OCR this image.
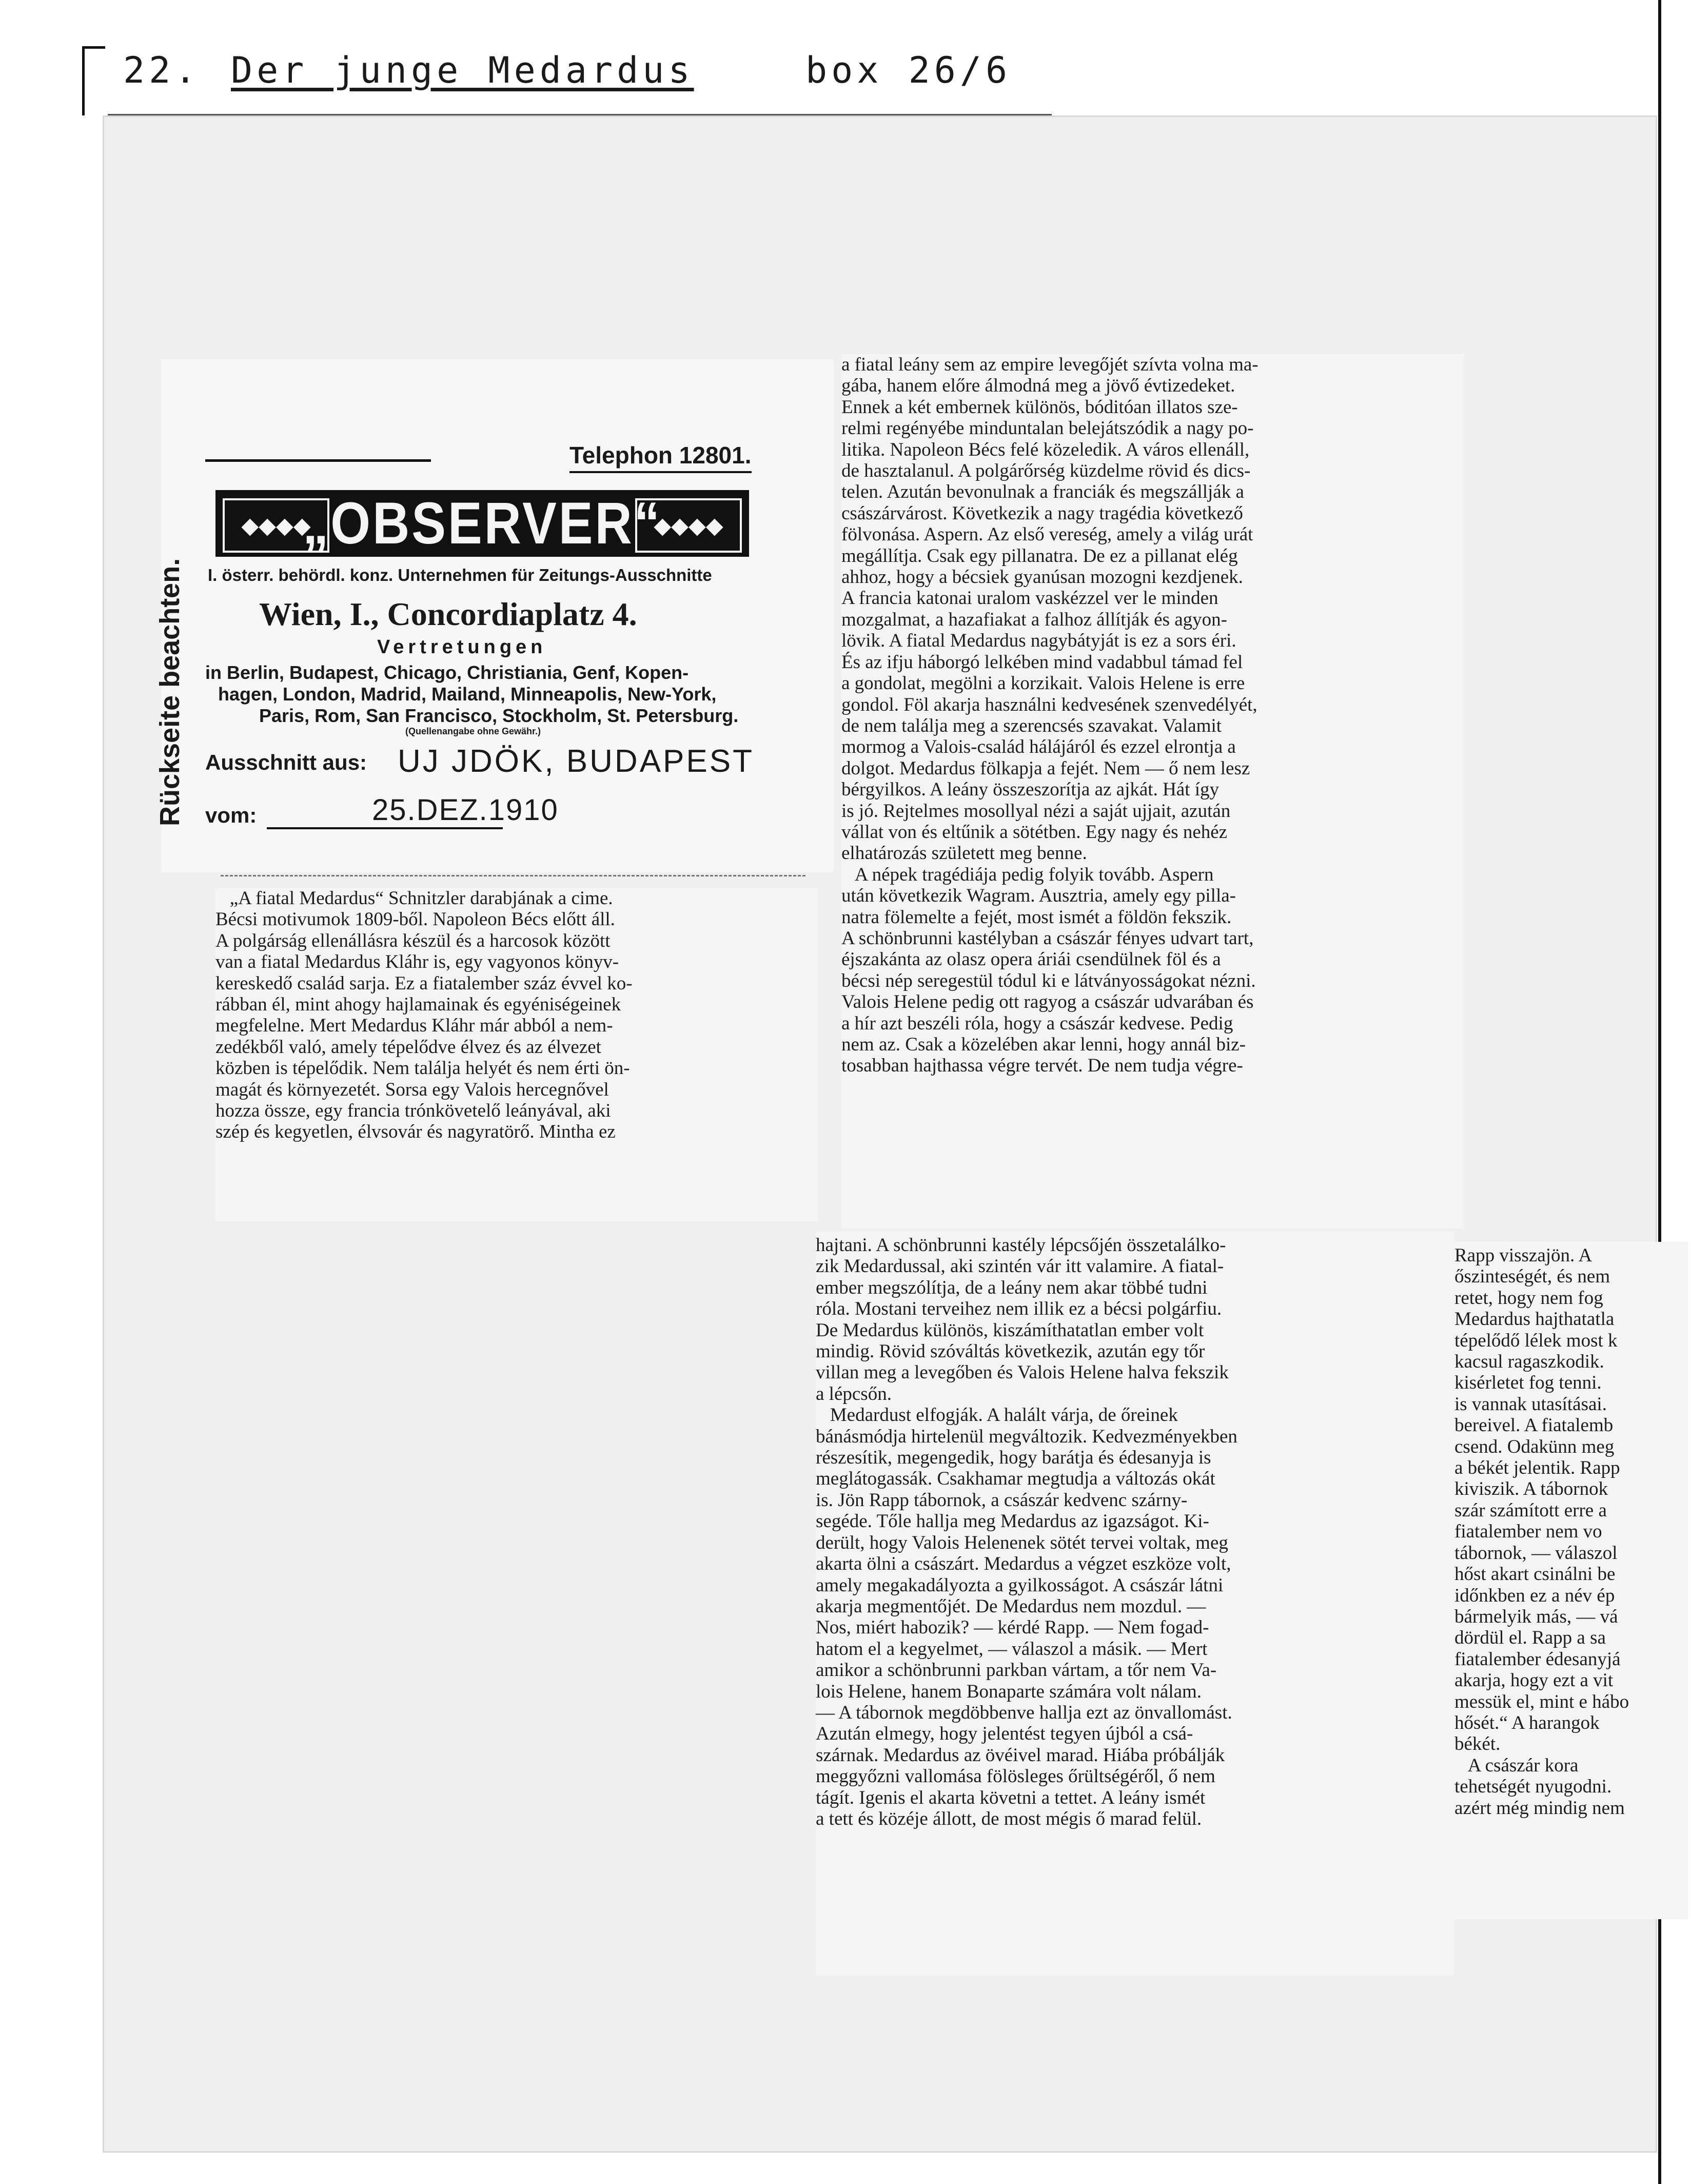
22. Der junge Medardus	box 26/6
Telephon 12801.
◆◆◆◆
„OBSERVER“
◆◆◆◆
I. österr. behördl. konz. Unternehmen für Zeitungs-Ausschnitte
Wien, I., Concordiaplatz 4.
Vertretungen
in Berlin, Budapest, Chicago, Christiania, Genf, Kopen-
hagen, London, Madrid, Mailand, Minneapolis, New-York,
Paris, Rom, San Francisco, Stockholm, St. Petersburg.
(Quellenangabe ohne Gewähr.)
Ausschnitt aus: UJ JDÖK, BUDAPEST
vom:	25.DEZ.1910
Rückseite beachten.
„A fiatal Medardus“ Schnitzler darabjának a cime.
Bécsi motivumok 1809-ből. Napoleon Bécs előtt áll.
A polgárság ellenállásra készül és a harcosok között
van a fiatal Medardus Kláhr is, egy vagyonos könyv-
kereskedő család sarja. Ez a fiatalember száz évvel ko-
rábban él, mint ahogy hajlamainak és egyéniségeinek
megfelelne. Mert Medardus Kláhr már abból a nem-
zedékből való, amely tépelődve élvez és az élvezet
közben is tépelődik. Nem találja helyét és nem érti ön-
magát és környezetét. Sorsa egy Valois hercegnővel
hozza össze, egy francia trónkövetelő leányával, aki
szép és kegyetlen, élvsovár és nagyratörő. Mintha ez
a fiatal leány sem az empire levegőjét szívta volna ma-
gába, hanem előre álmodná meg a jövő évtizedeket.
Ennek a két embernek különös, bóditóan illatos sze-
relmi regényébe minduntalan belejátszódik a nagy po-
litika. Napoleon Bécs felé közeledik. A város ellenáll,
de hasztalanul. A polgárőrség küzdelme rövid és dics-
telen. Azután bevonulnak a franciák és megszállják a
császárvárost. Következik a nagy tragédia következő
fölvonása. Aspern. Az első vereség, amely a világ urát
megállítja. Csak egy pillanatra. De ez a pillanat elég
ahhoz, hogy a bécsiek gyanúsan mozogni kezdjenek.
A francia katonai uralom vaskézzel ver le minden
mozgalmat, a hazafiakat a falhoz állítják és agyon-
lövik. A fiatal Medardus nagybátyját is ez a sors éri.
És az ifju háborgó lelkében mind vadabbul támad fel
a gondolat, megölni a korzikait. Valois Helene is erre
gondol. Föl akarja használni kedvesének szenvedélyét,
de nem találja meg a szerencsés szavakat. Valamit
mormog a Valois-család hálájáról és ezzel elrontja a
dolgot. Medardus fölkapja a fejét. Nem — ő nem lesz
bérgyilkos. A leány összeszorítja az ajkát. Hát így
is jó. Rejtelmes mosollyal nézi a saját ujjait, azután
vállat von és eltűnik a sötétben. Egy nagy és nehéz
elhatározás született meg benne.
A népek tragédiája pedig folyik tovább. Aspern
után következik Wagram. Ausztria, amely egy pilla-
natra fölemelte a fejét, most ismét a földön fekszik.
A schönbrunni kastélyban a császár fényes udvart tart,
éjszakánta az olasz opera áriái csendülnek föl és a
bécsi nép seregestül tódul ki e látványosságokat nézni.
Valois Helene pedig ott ragyog a császár udvarában és
a hír azt beszéli róla, hogy a császár kedvese. Pedig
nem az. Csak a közelében akar lenni, hogy annál biz-
tosabban hajthassa végre tervét. De nem tudja végre-
hajtani. A schönbrunni kastély lépcsőjén összetalálko-
zik Medardussal, aki szintén vár itt valamire. A fiatal-
ember megszólítja, de a leány nem akar többé tudni
róla. Mostani terveihez nem illik ez a bécsi polgárfiu.
De Medardus különös, kiszámíthatatlan ember volt
mindig. Rövid szóváltás következik, azután egy tőr
villan meg a levegőben és Valois Helene halva fekszik
a lépcsőn.
Medardust elfogják. A halált várja, de őreinek
bánásmódja hirtelenül megváltozik. Kedvezményekben
részesítik, megengedik, hogy barátja és édesanyja is
meglátogassák. Csakhamar megtudja a változás okát
is. Jön Rapp tábornok, a császár kedvenc szárny-
segéde. Tőle hallja meg Medardus az igazságot. Ki-
derült, hogy Valois Helenenek sötét tervei voltak, meg
akarta ölni a császárt. Medardus a végzet eszköze volt,
amely megakadályozta a gyilkosságot. A császár látni
akarja megmentőjét. De Medardus nem mozdul. —
Nos, miért habozik? — kérdé Rapp. — Nem fogad-
hatom el a kegyelmet, — válaszol a másik. — Mert
amikor a schönbrunni parkban vártam, a tőr nem Va-
lois Helene, hanem Bonaparte számára volt nálam.
— A tábornok megdöbbenve hallja ezt az önvallomást.
Azután elmegy, hogy jelentést tegyen újból a csá-
szárnak. Medardus az övéivel marad. Hiába próbálják
meggyőzni vallomása fölösleges őrültségéről, ő nem
tágít. Igenis el akarta követni a tettet. A leány ismét
a tett és közéje állott, de most mégis ő marad felül.
Rapp visszajön. A
őszinteségét, és nem
retet, hogy nem fog
Medardus hajthatatla
tépelődő lélek most k
kacsul ragaszkodik.
kisérletet fog tenni.
is vannak utasításai.
bereivel. A fiatalemb
csend. Odakünn meg
a békét jelentik. Rapp
kiviszik. A tábornok
szár számított erre a
fiatalember nem vo
tábornok, — válaszol
hőst akart csinálni be
időnkben ez a név ép
bármelyik más, — vá
dördül el. Rapp a sa
fiatalember édesanyjá
akarja, hogy ezt a vit
messük el, mint e hábo
hősét.“ A harangok
békét.
A császár kora
tehetségét nyugodni.
azért még mindig nem
